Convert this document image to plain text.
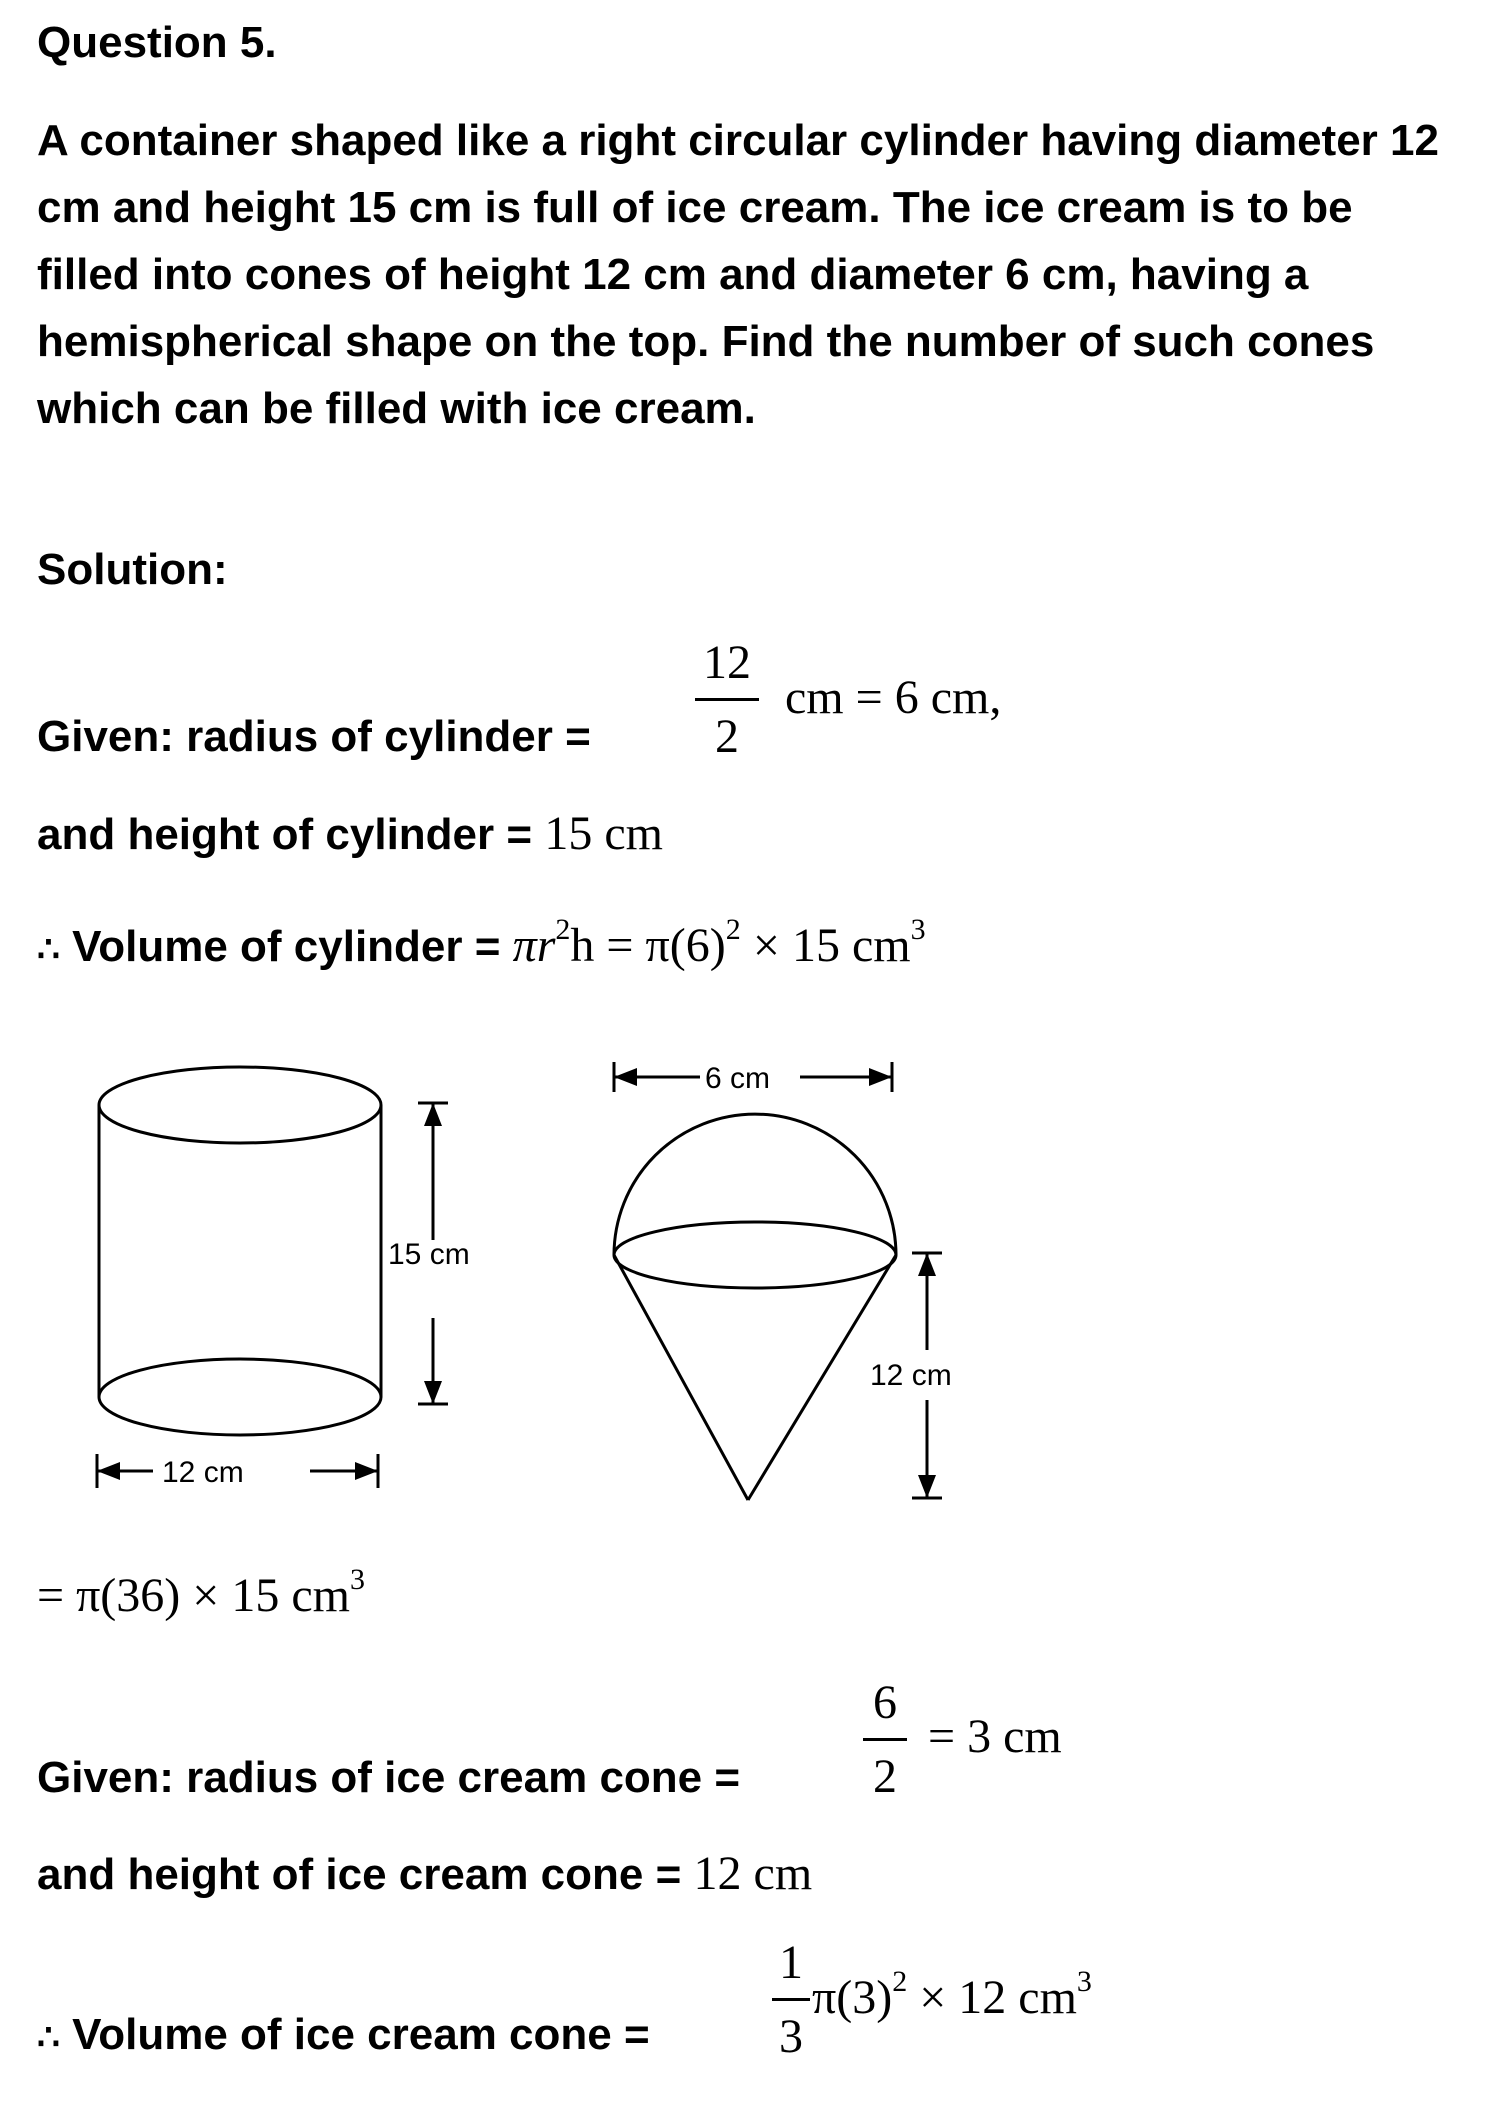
Question 5.
A container shaped like a right circular cylinder having diameter 12 cm and height 15 cm is full of ice cream. The ice cream is to be filled into cones of height 12 cm and diameter 6 cm, having a hemispherical shape on the top. Find the number of such cones which can be filled with ice cream.
Solution:
Given: radius of cylinder =
12
2
cm = 6 cm,
and height of cylinder = 15 cm
∴ Volume of cylinder = $\pi r^2h = \pi(6)^2 \times 15$ $cm^3$
15 cm
12 cm
6 cm
12 cm
= π(36) × 15 $cm^3$
Given: radius of ice cream cone =
6
2
= 3 cm
and height of ice cream cone = 12 cm
∴ Volume of ice cream cone =
1
3
$\pi(3)^2 \times 12$ $cm^3$
